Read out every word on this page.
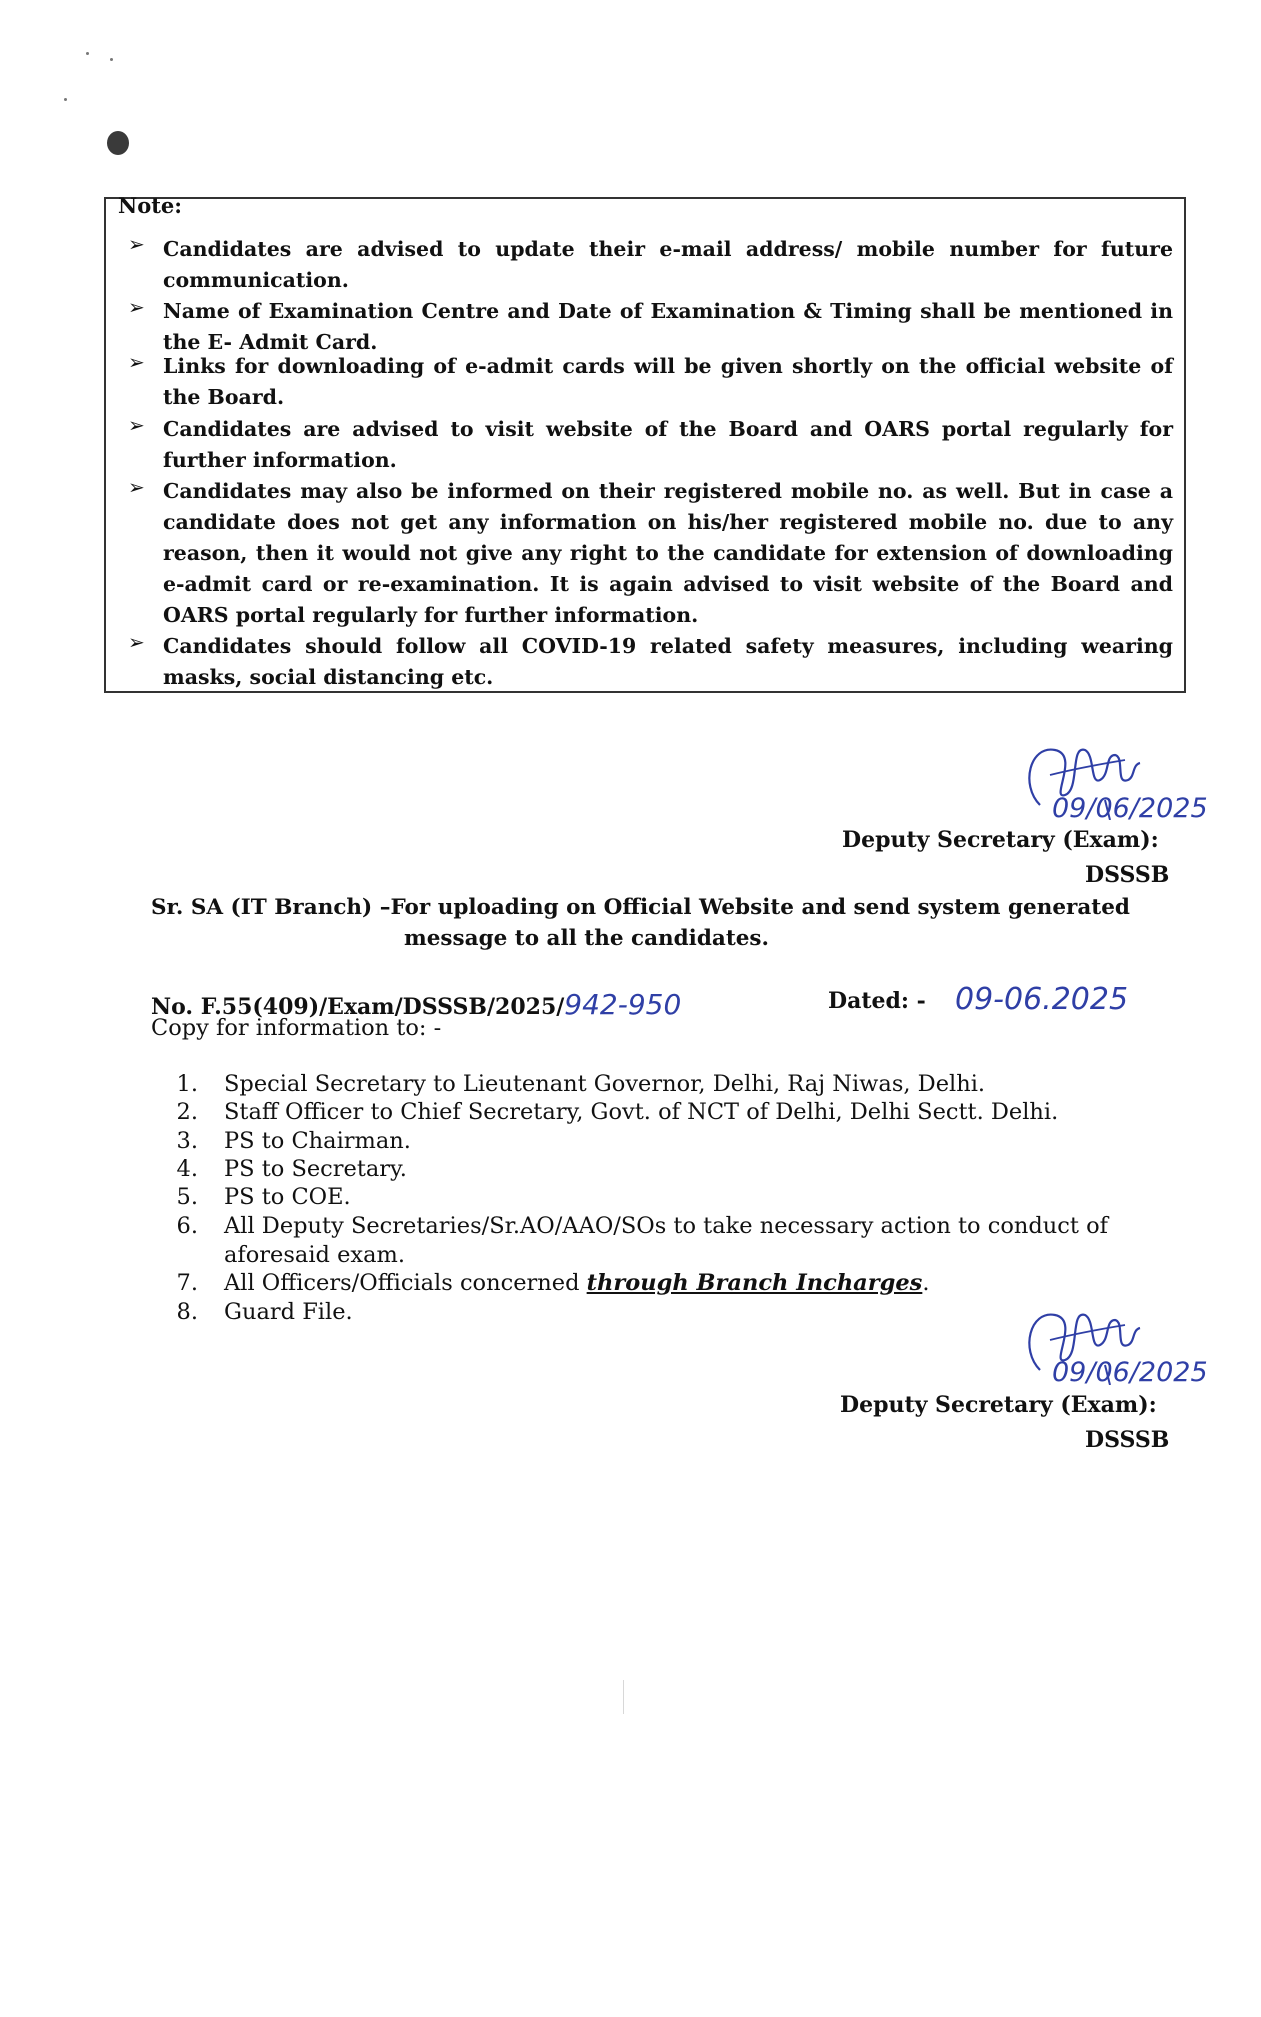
Note:
➢ Candidates are advised to update their e-mail address/ mobile number for future communication.
➢ Name of Examination Centre and Date of Examination & Timing shall be mentioned in the E- Admit Card.
➢ Links for downloading of e-admit cards will be given shortly on the official website of the Board.
➢ Candidates are advised to visit website of the Board and OARS portal regularly for further information.
➢ Candidates may also be informed on their registered mobile no. as well. But in case a candidate does not get any information on his/her registered mobile no. due to any reason, then it would not give any right to the candidate for extension of downloading e-admit card or re-examination. It is again advised to visit website of the Board and OARS portal regularly for further information.
➢ Candidates should follow all COVID-19 related safety measures, including wearing masks, social distancing etc.
09/06/2025
Deputy Secretary (Exam):
DSSSB
Sr. SA (IT Branch) –For uploading on Official Website and send system generated
message to all the candidates.
No. F.55(409)/Exam/DSSSB/2025/942-950	Dated: - 09-06.2025
Copy for information to: -
1. Special Secretary to Lieutenant Governor, Delhi, Raj Niwas, Delhi.
2. Staff Officer to Chief Secretary, Govt. of NCT of Delhi, Delhi Sectt. Delhi.
3. PS to Chairman.
4. PS to Secretary.
5. PS to COE.
6. All Deputy Secretaries/Sr.AO/AAO/SOs to take necessary action to conduct of aforesaid exam.
7. All Officers/Officials concerned through Branch Incharges.
8. Guard File.
09/06/2025
Deputy Secretary (Exam):
DSSSB
